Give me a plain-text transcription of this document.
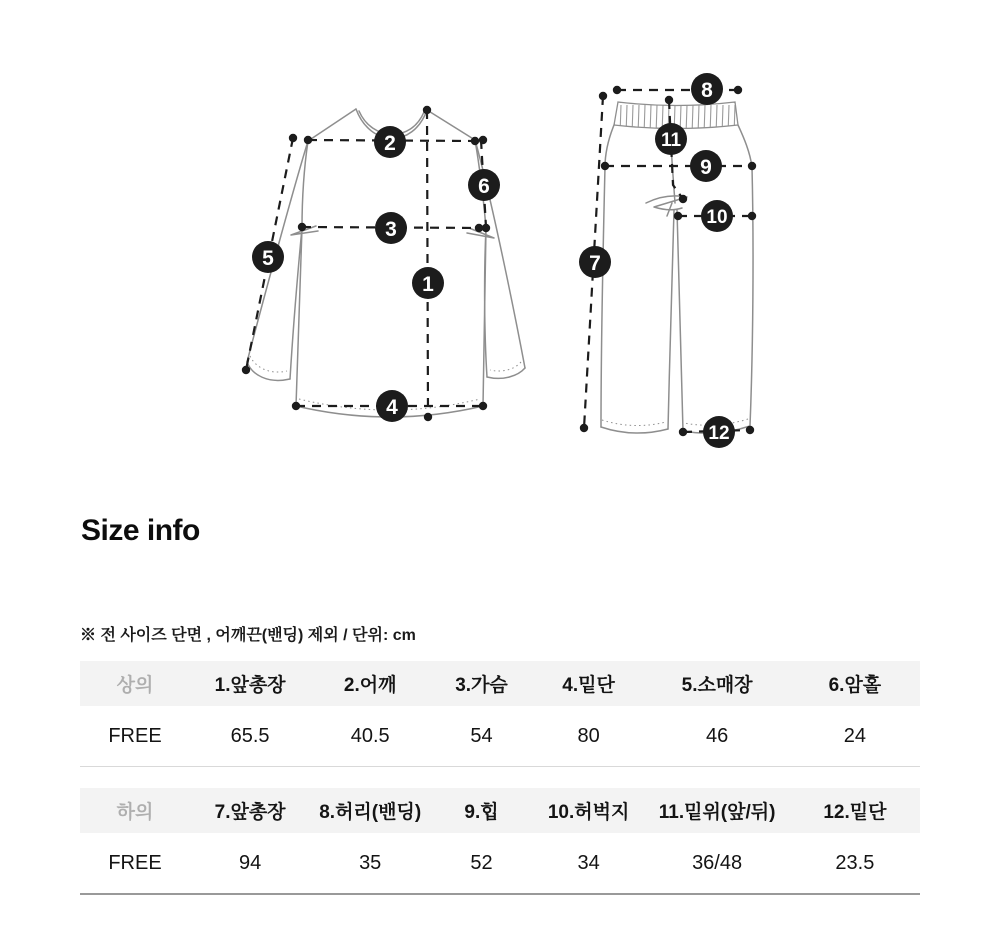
1
2
3
4
5
6
7
8
9
10
11
12
Size info
※ 전 사이즈 단면 , 어깨끈(밴딩) 제외 / 단위: cm
상의	1.앞총장	2.어깨	3.가슴	4.밑단	5.소매장	6.암홀
FREE	65.5	40.5	54	80	46	24
하의	7.앞총장	8.허리(밴딩)	9.힙	10.허벅지	11.밑위(앞/뒤)	12.밑단
FREE	94	35	52	34	36/48	23.5
